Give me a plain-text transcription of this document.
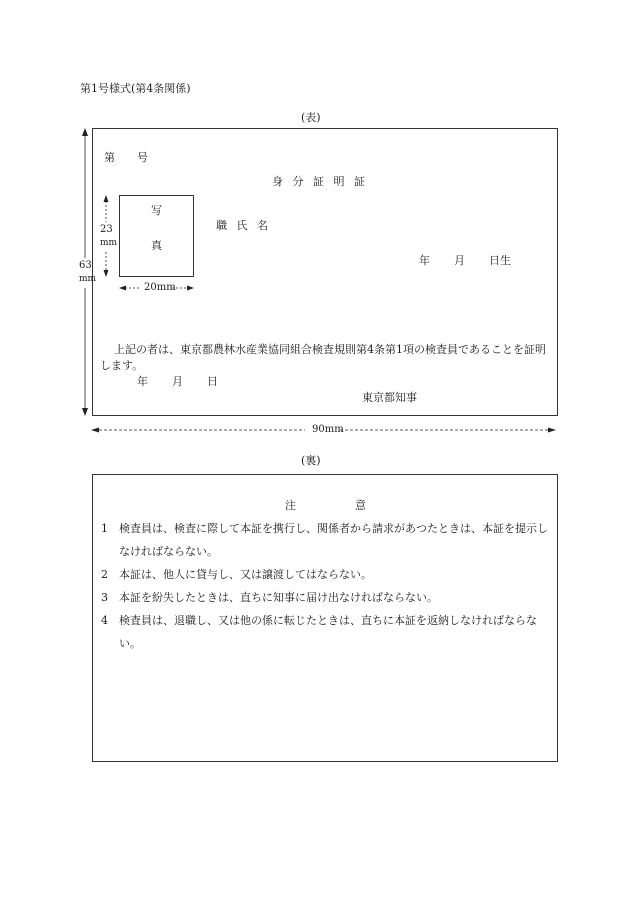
第1号様式(第4条関係)
(表)
63
mm
第 号
身 分 証 明 証
写
真
23
mm
20mm
職 氏 名
年 月 日生
上記の者は、東京都農林水産業協同組合検査規則第4条第1項の検査員であることを証明します。
年 月 日
東京都知事
90mm
(裏)
注	意
1 検査員は、検査に際して本証を携行し、関係者から請求があつたときは、本証を提示しなければならない。
2 本証は、他人に貸与し、又は譲渡してはならない。
3 本証を紛失したときは、直ちに知事に届け出なければならない。
4 検査員は、退職し、又は他の係に転じたときは、直ちに本証を返納しなければならない。
